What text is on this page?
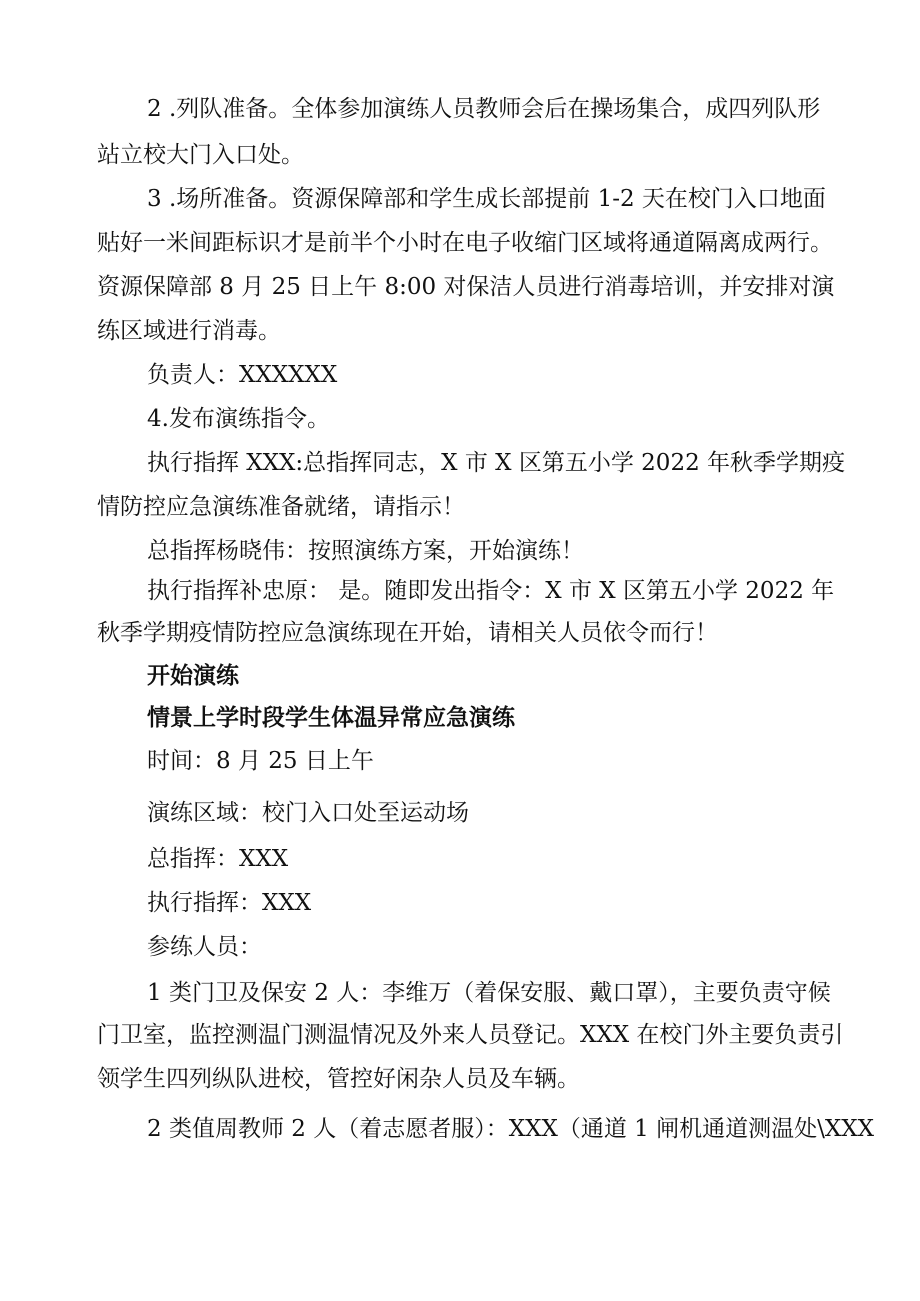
2 .列队准备。全体参加演练人员教师会后在操场集合，成四列队形
站立校大门入口处。
3 .场所准备。资源保障部和学生成长部提前 1-2 天在校门入口地面
贴好一米间距标识才是前半个小时在电子收缩门区域将通道隔离成两行。
资源保障部 8 月 25 日上午 8:00 对保洁人员进行消毒培训，并安排对演
练区域进行消毒。
负责人：XXXXXX
4.发布演练指令。
执行指挥 XXX:总指挥同志，X 市 X 区第五小学 2022 年秋季学期疫
情防控应急演练准备就绪，请指示！
总指挥杨晓伟：按照演练方案，开始演练！
执行指挥补忠原： 是。随即发出指令：X 市 X 区第五小学 2022 年
秋季学期疫情防控应急演练现在开始，请相关人员依令而行！
开始演练
情景上学时段学生体温异常应急演练
时间：8 月 25 日上午
演练区域：校门入口处至运动场
总指挥：XXX
执行指挥：XXX
参练人员：
1 类门卫及保安 2 人：李维万（着保安服、戴口罩），主要负责守候
门卫室，监控测温门测温情况及外来人员登记。XXX 在校门外主要负责引
领学生四列纵队进校，管控好闲杂人员及车辆。
2 类值周教师 2 人（着志愿者服）：XXX（通道 1 闸机通道测温处\XXX
